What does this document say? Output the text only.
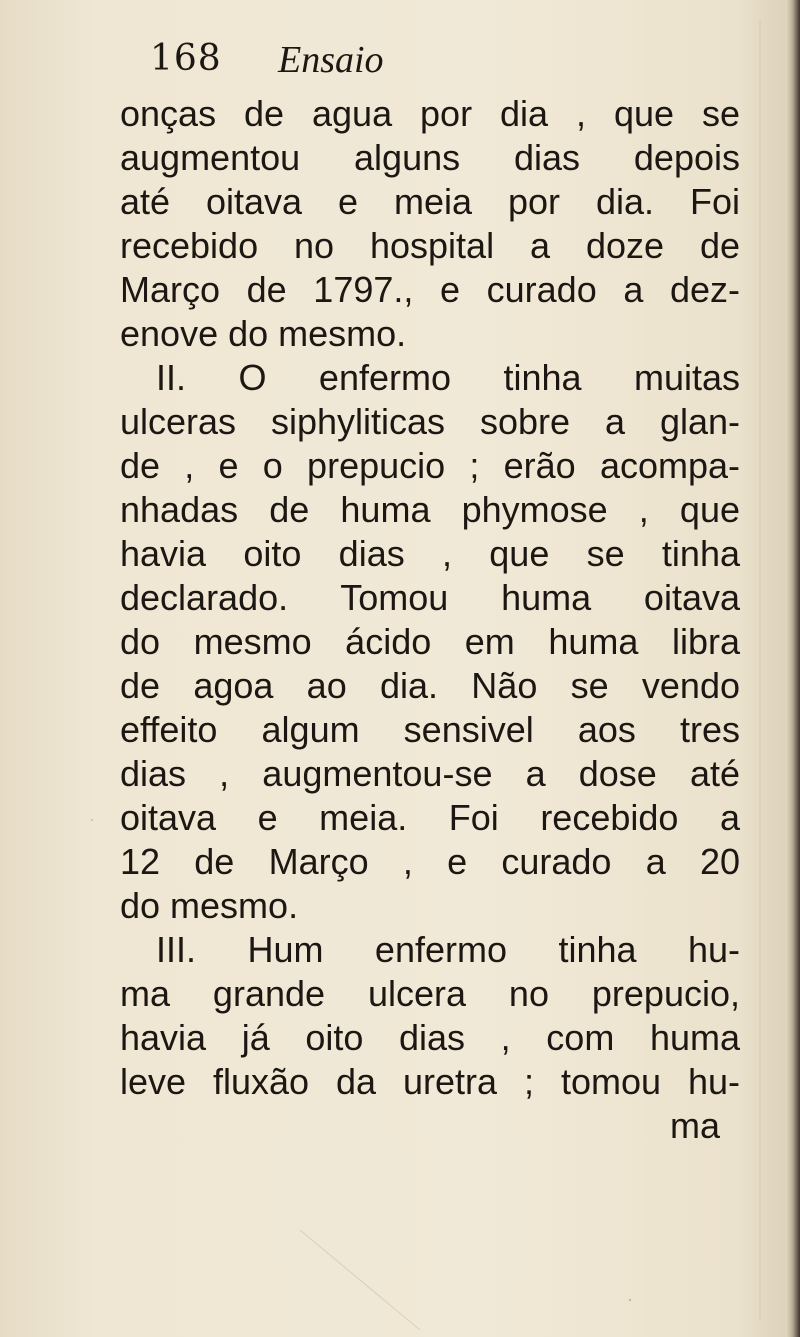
168 Ensaio
onças de agua por dia , que se
augmentou alguns dias depois
até oitava e meia por dia. Foi
recebido no hospital a doze de
Março de 1797., e curado a dez-
enove do mesmo.
II. O enfermo tinha muitas
ulceras siphyliticas sobre a glan-
de , e o prepucio ; erão acompa-
nhadas de huma phymose , que
havia oito dias , que se tinha
declarado. Tomou huma oitava
do mesmo ácido em huma libra
de agoa ao dia. Não se vendo
effeito algum sensivel aos tres
dias , augmentou-se a dose até
oitava e meia. Foi recebido a
12 de Março , e curado a 20
do mesmo.
III. Hum enfermo tinha hu-
ma grande ulcera no prepucio,
havia já oito dias , com huma
leve fluxão da uretra ; tomou hu-
ma
